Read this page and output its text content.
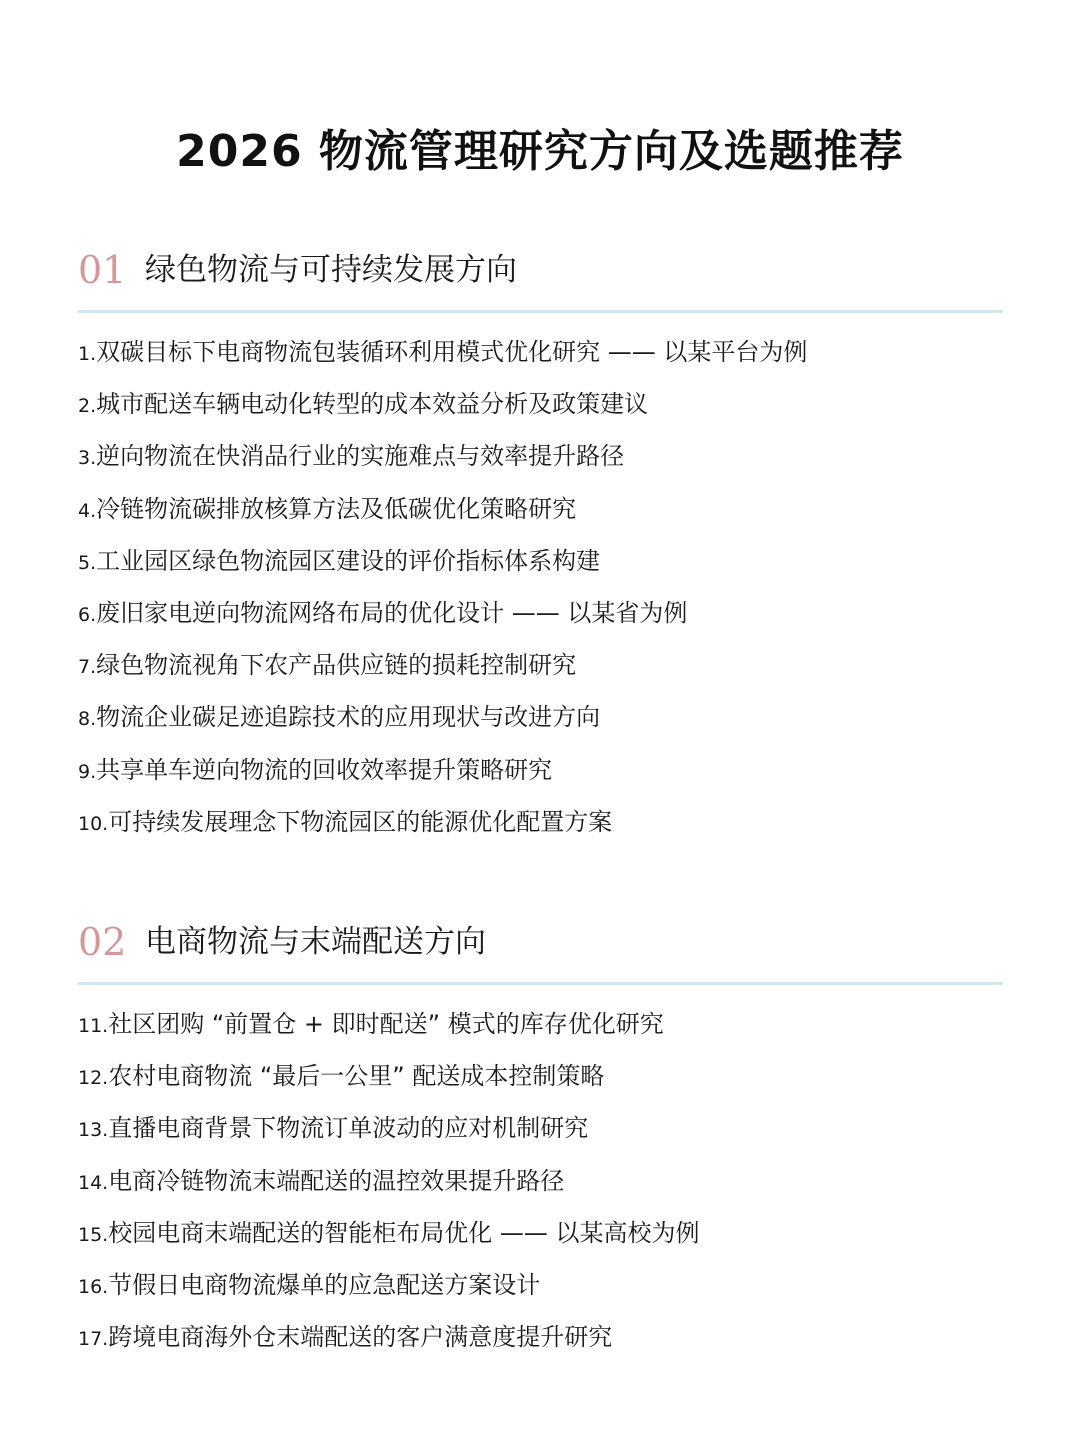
2026 物流管理研究方向及选题推荐
01 绿色物流与可持续发展方向
1.双碳目标下电商物流包装循环利用模式优化研究 —— 以某平台为例
2.城市配送车辆电动化转型的成本效益分析及政策建议
3.逆向物流在快消品行业的实施难点与效率提升路径
4.冷链物流碳排放核算方法及低碳优化策略研究
5.工业园区绿色物流园区建设的评价指标体系构建
6.废旧家电逆向物流网络布局的优化设计 —— 以某省为例
7.绿色物流视角下农产品供应链的损耗控制研究
8.物流企业碳足迹追踪技术的应用现状与改进方向
9.共享单车逆向物流的回收效率提升策略研究
10.可持续发展理念下物流园区的能源优化配置方案
02 电商物流与末端配送方向
11.社区团购 “前置仓 + 即时配送” 模式的库存优化研究
12.农村电商物流 “最后一公里” 配送成本控制策略
13.直播电商背景下物流订单波动的应对机制研究
14.电商冷链物流末端配送的温控效果提升路径
15.校园电商末端配送的智能柜布局优化 —— 以某高校为例
16.节假日电商物流爆单的应急配送方案设计
17.跨境电商海外仓末端配送的客户满意度提升研究
